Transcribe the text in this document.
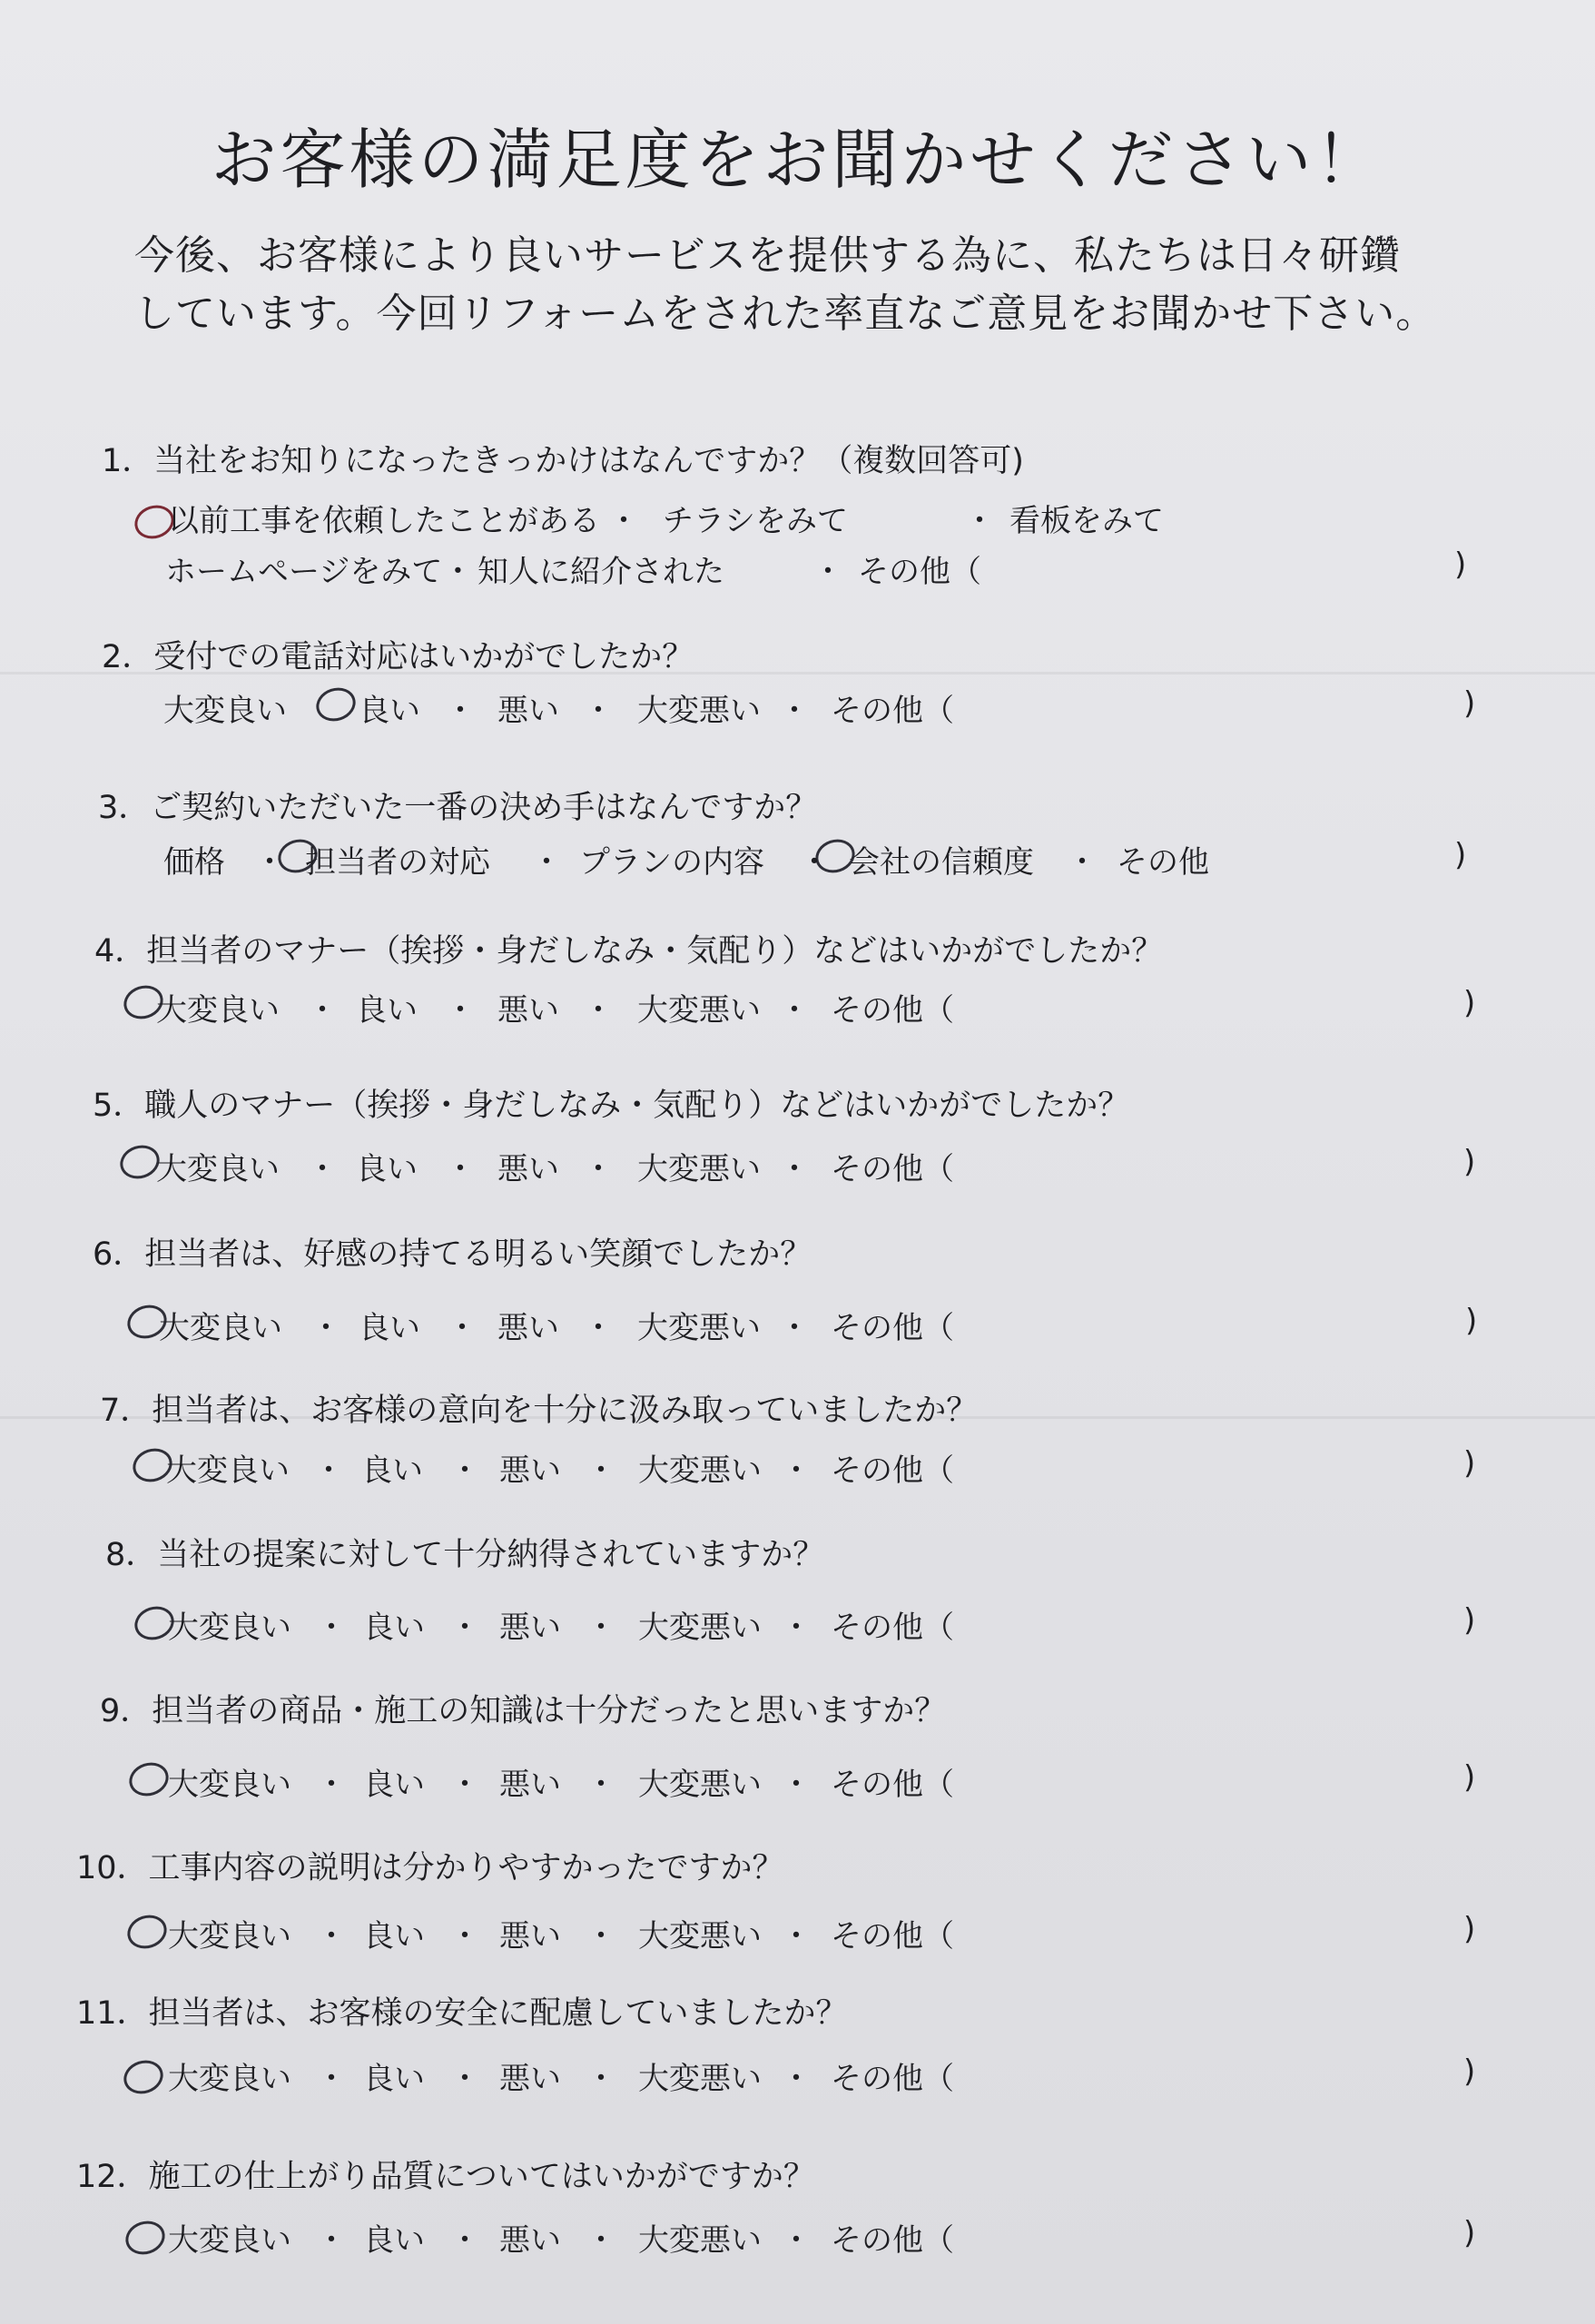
お客様の満足度をお聞かせください！
今後、お客様により良いサービスを提供する為に、私たちは日々研鑽
しています。今回リフォームをされた率直なご意見をお聞かせ下さい。
1．当社をお知りになったきっかけはなんですか？（複数回答可)
以前工事を依頼したことがある ・ チラシをみて	・ 看板をみて
ホームページをみて・ 知人に紹介された	・ その他（	)
2．受付での電話対応はいかがでしたか？
大変良い 良い ・ 悪い ・ 大変悪い ・ その他（	)
3．ご契約いただいた一番の決め手はなんですか？
価格 ・ 担当者の対応 ・ プランの内容 ・ 会社の信頼度 ・ その他	)
4．担当者のマナー（挨拶・身だしなみ・気配り）などはいかがでしたか？
大変良い ・ 良い ・ 悪い ・ 大変悪い ・ その他（	)
5．職人のマナー（挨拶・身だしなみ・気配り）などはいかがでしたか？
大変良い ・ 良い ・ 悪い ・ 大変悪い ・ その他（	)
6．担当者は、好感の持てる明るい笑顔でしたか？
大変良い ・ 良い ・ 悪い ・ 大変悪い ・ その他（	)
7．担当者は、お客様の意向を十分に汲み取っていましたか？
大変良い ・ 良い ・ 悪い ・ 大変悪い ・ その他（	)
8．当社の提案に対して十分納得されていますか？
大変良い ・ 良い ・ 悪い ・ 大変悪い ・ その他（	)
9．担当者の商品・施工の知識は十分だったと思いますか？
大変良い ・ 良い ・ 悪い ・ 大変悪い ・ その他（	)
10．工事内容の説明は分かりやすかったですか？
大変良い ・ 良い ・ 悪い ・ 大変悪い ・ その他（	)
11．担当者は、お客様の安全に配慮していましたか？
大変良い ・ 良い ・ 悪い ・ 大変悪い ・ その他（	)
12．施工の仕上がり品質についてはいかがですか？
大変良い ・ 良い ・ 悪い ・ 大変悪い ・ その他（	)
